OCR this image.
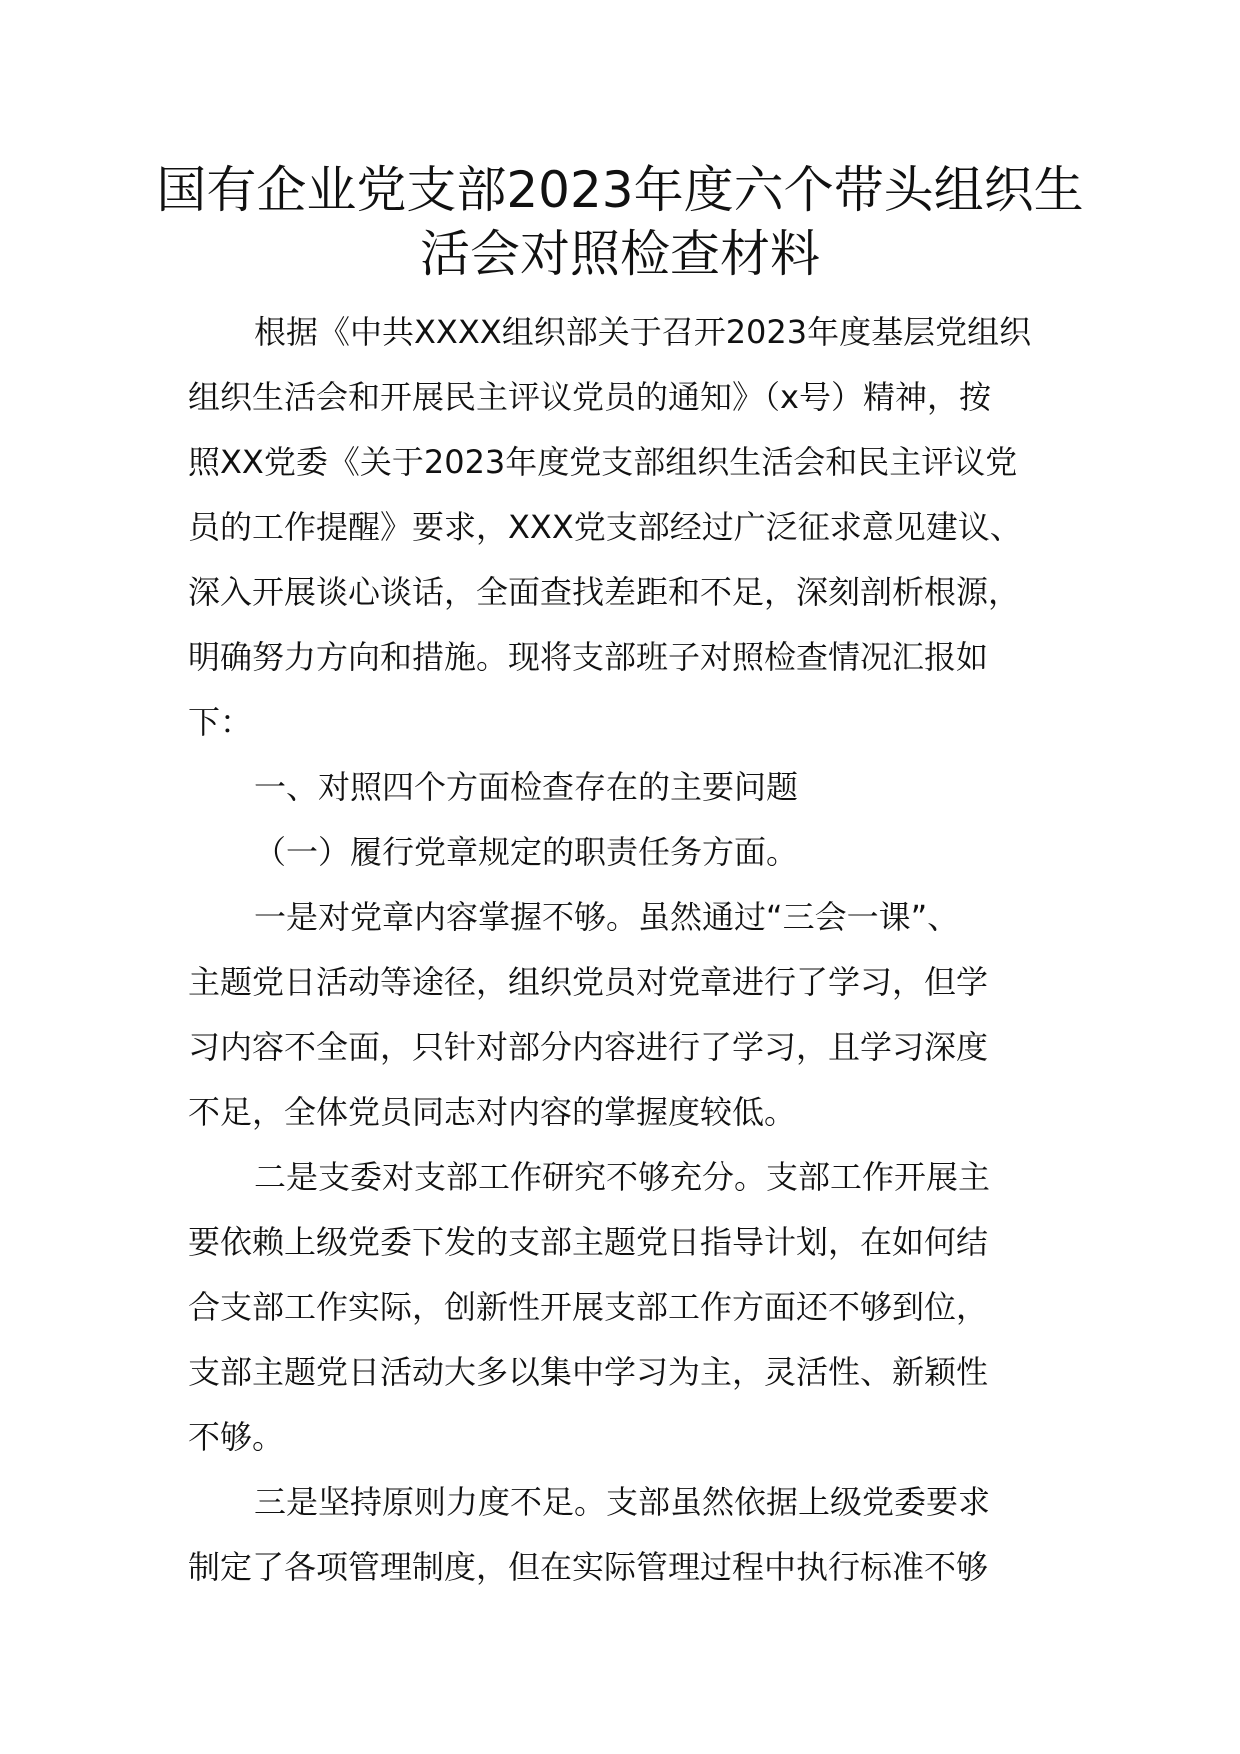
国有企业党支部2023年度六个带头组织生
活会对照检查材料
根据《中共XXXX组织部关于召开2023年度基层党组织
组织生活会和开展民主评议党员的通知》（x号）精神，按
照XX党委《关于2023年度党支部组织生活会和民主评议党
员的工作提醒》要求，XXX党支部经过广泛征求意见建议、
深入开展谈心谈话，全面查找差距和不足，深刻剖析根源，
明确努力方向和措施。现将支部班子对照检查情况汇报如
下：
一、对照四个方面检查存在的主要问题
（一）履行党章规定的职责任务方面。
一是对党章内容掌握不够。虽然通过“三会一课”、
主题党日活动等途径，组织党员对党章进行了学习，但学
习内容不全面，只针对部分内容进行了学习，且学习深度
不足，全体党员同志对内容的掌握度较低。
二是支委对支部工作研究不够充分。支部工作开展主
要依赖上级党委下发的支部主题党日指导计划，在如何结
合支部工作实际，创新性开展支部工作方面还不够到位，
支部主题党日活动大多以集中学习为主，灵活性、新颖性
不够。
三是坚持原则力度不足。支部虽然依据上级党委要求
制定了各项管理制度，但在实际管理过程中执行标准不够
